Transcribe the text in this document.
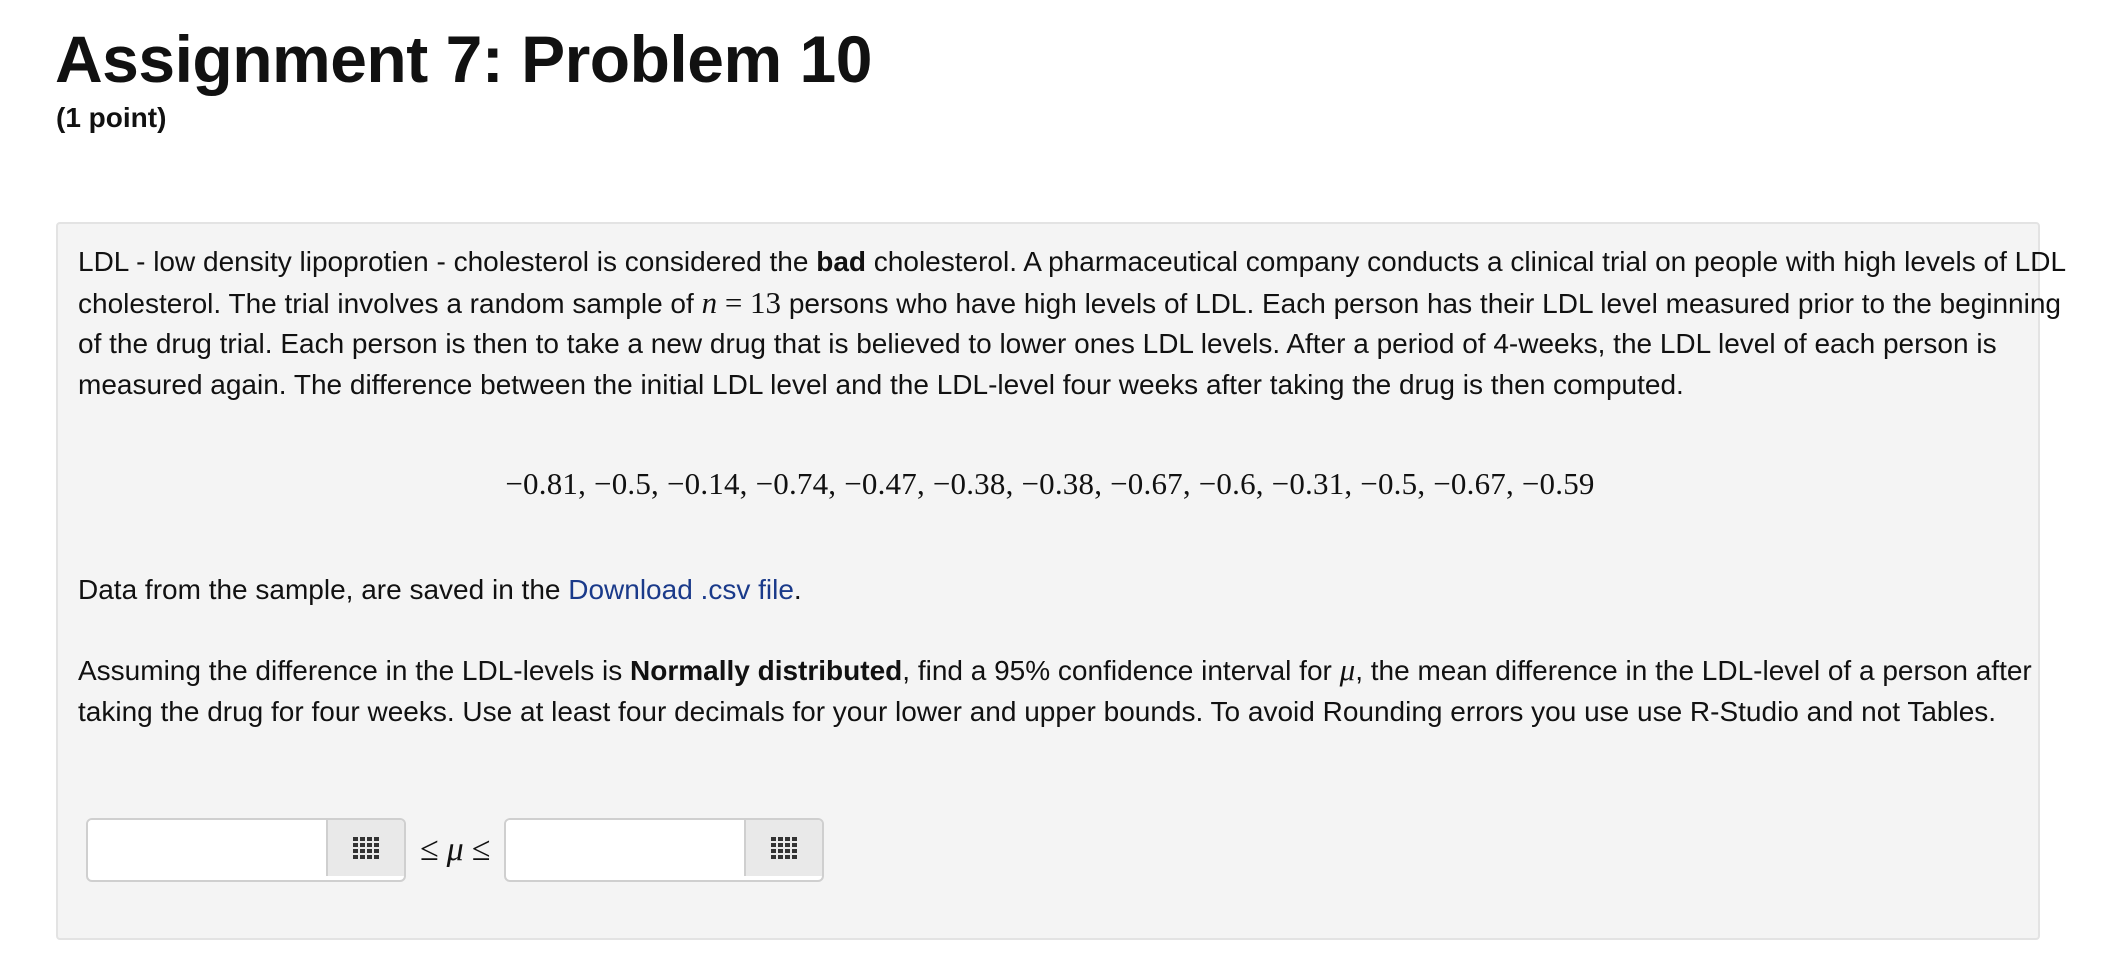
Assignment 7: Problem 10
(1 point)

LDL - low density lipoprotien - cholesterol is considered the bad cholesterol. A pharmaceutical company conducts a clinical trial on people with high levels of LDL cholesterol. The trial involves a random sample of n = 13 persons who have high levels of LDL. Each person has their LDL level measured prior to the beginning of the drug trial. Each person is then to take a new drug that is believed to lower ones LDL levels. After a period of 4-weeks, the LDL level of each person is measured again. The difference between the initial LDL level and the LDL-level four weeks after taking the drug is then computed.

−0.81, −0.5, −0.14, −0.74, −0.47, −0.38, −0.38, −0.67, −0.6, −0.31, −0.5, −0.67, −0.59

Data from the sample, are saved in the Download .csv file.

Assuming the difference in the LDL-levels is Normally distributed, find a 95% confidence interval for μ, the mean difference in the LDL-level of a person after taking the drug for four weeks. Use at least four decimals for your lower and upper bounds. To avoid Rounding errors you use use R-Studio and not Tables.

≤ μ ≤
